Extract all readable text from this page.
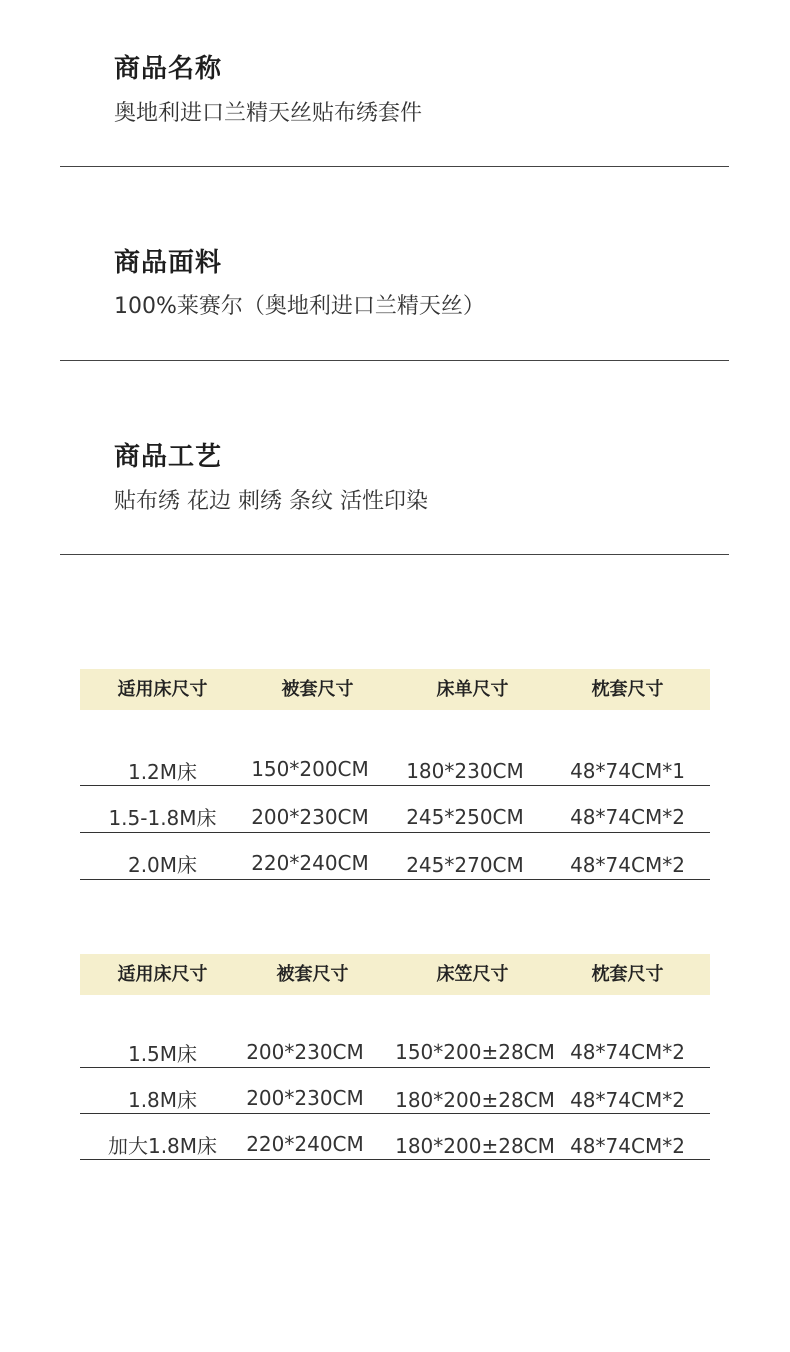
商品名称
奥地利进口兰精天丝贴布绣套件
商品面料
100%莱赛尔（奥地利进口兰精天丝）
商品工艺
贴布绣 花边 刺绣 条纹 活性印染
适用床尺寸	被套尺寸	床单尺寸	枕套尺寸
1.2M床	150*200CM	180*230CM	48*74CM*1
1.5-1.8M床	200*230CM	245*250CM	48*74CM*2
2.0M床	220*240CM	245*270CM	48*74CM*2
适用床尺寸	被套尺寸	床笠尺寸	枕套尺寸
1.5M床	200*230CM	150*200±28CM 48*74CM*2
1.8M床	200*230CM	180*200±28CM 48*74CM*2
加大1.8M床	220*240CM	180*200±28CM 48*74CM*2
